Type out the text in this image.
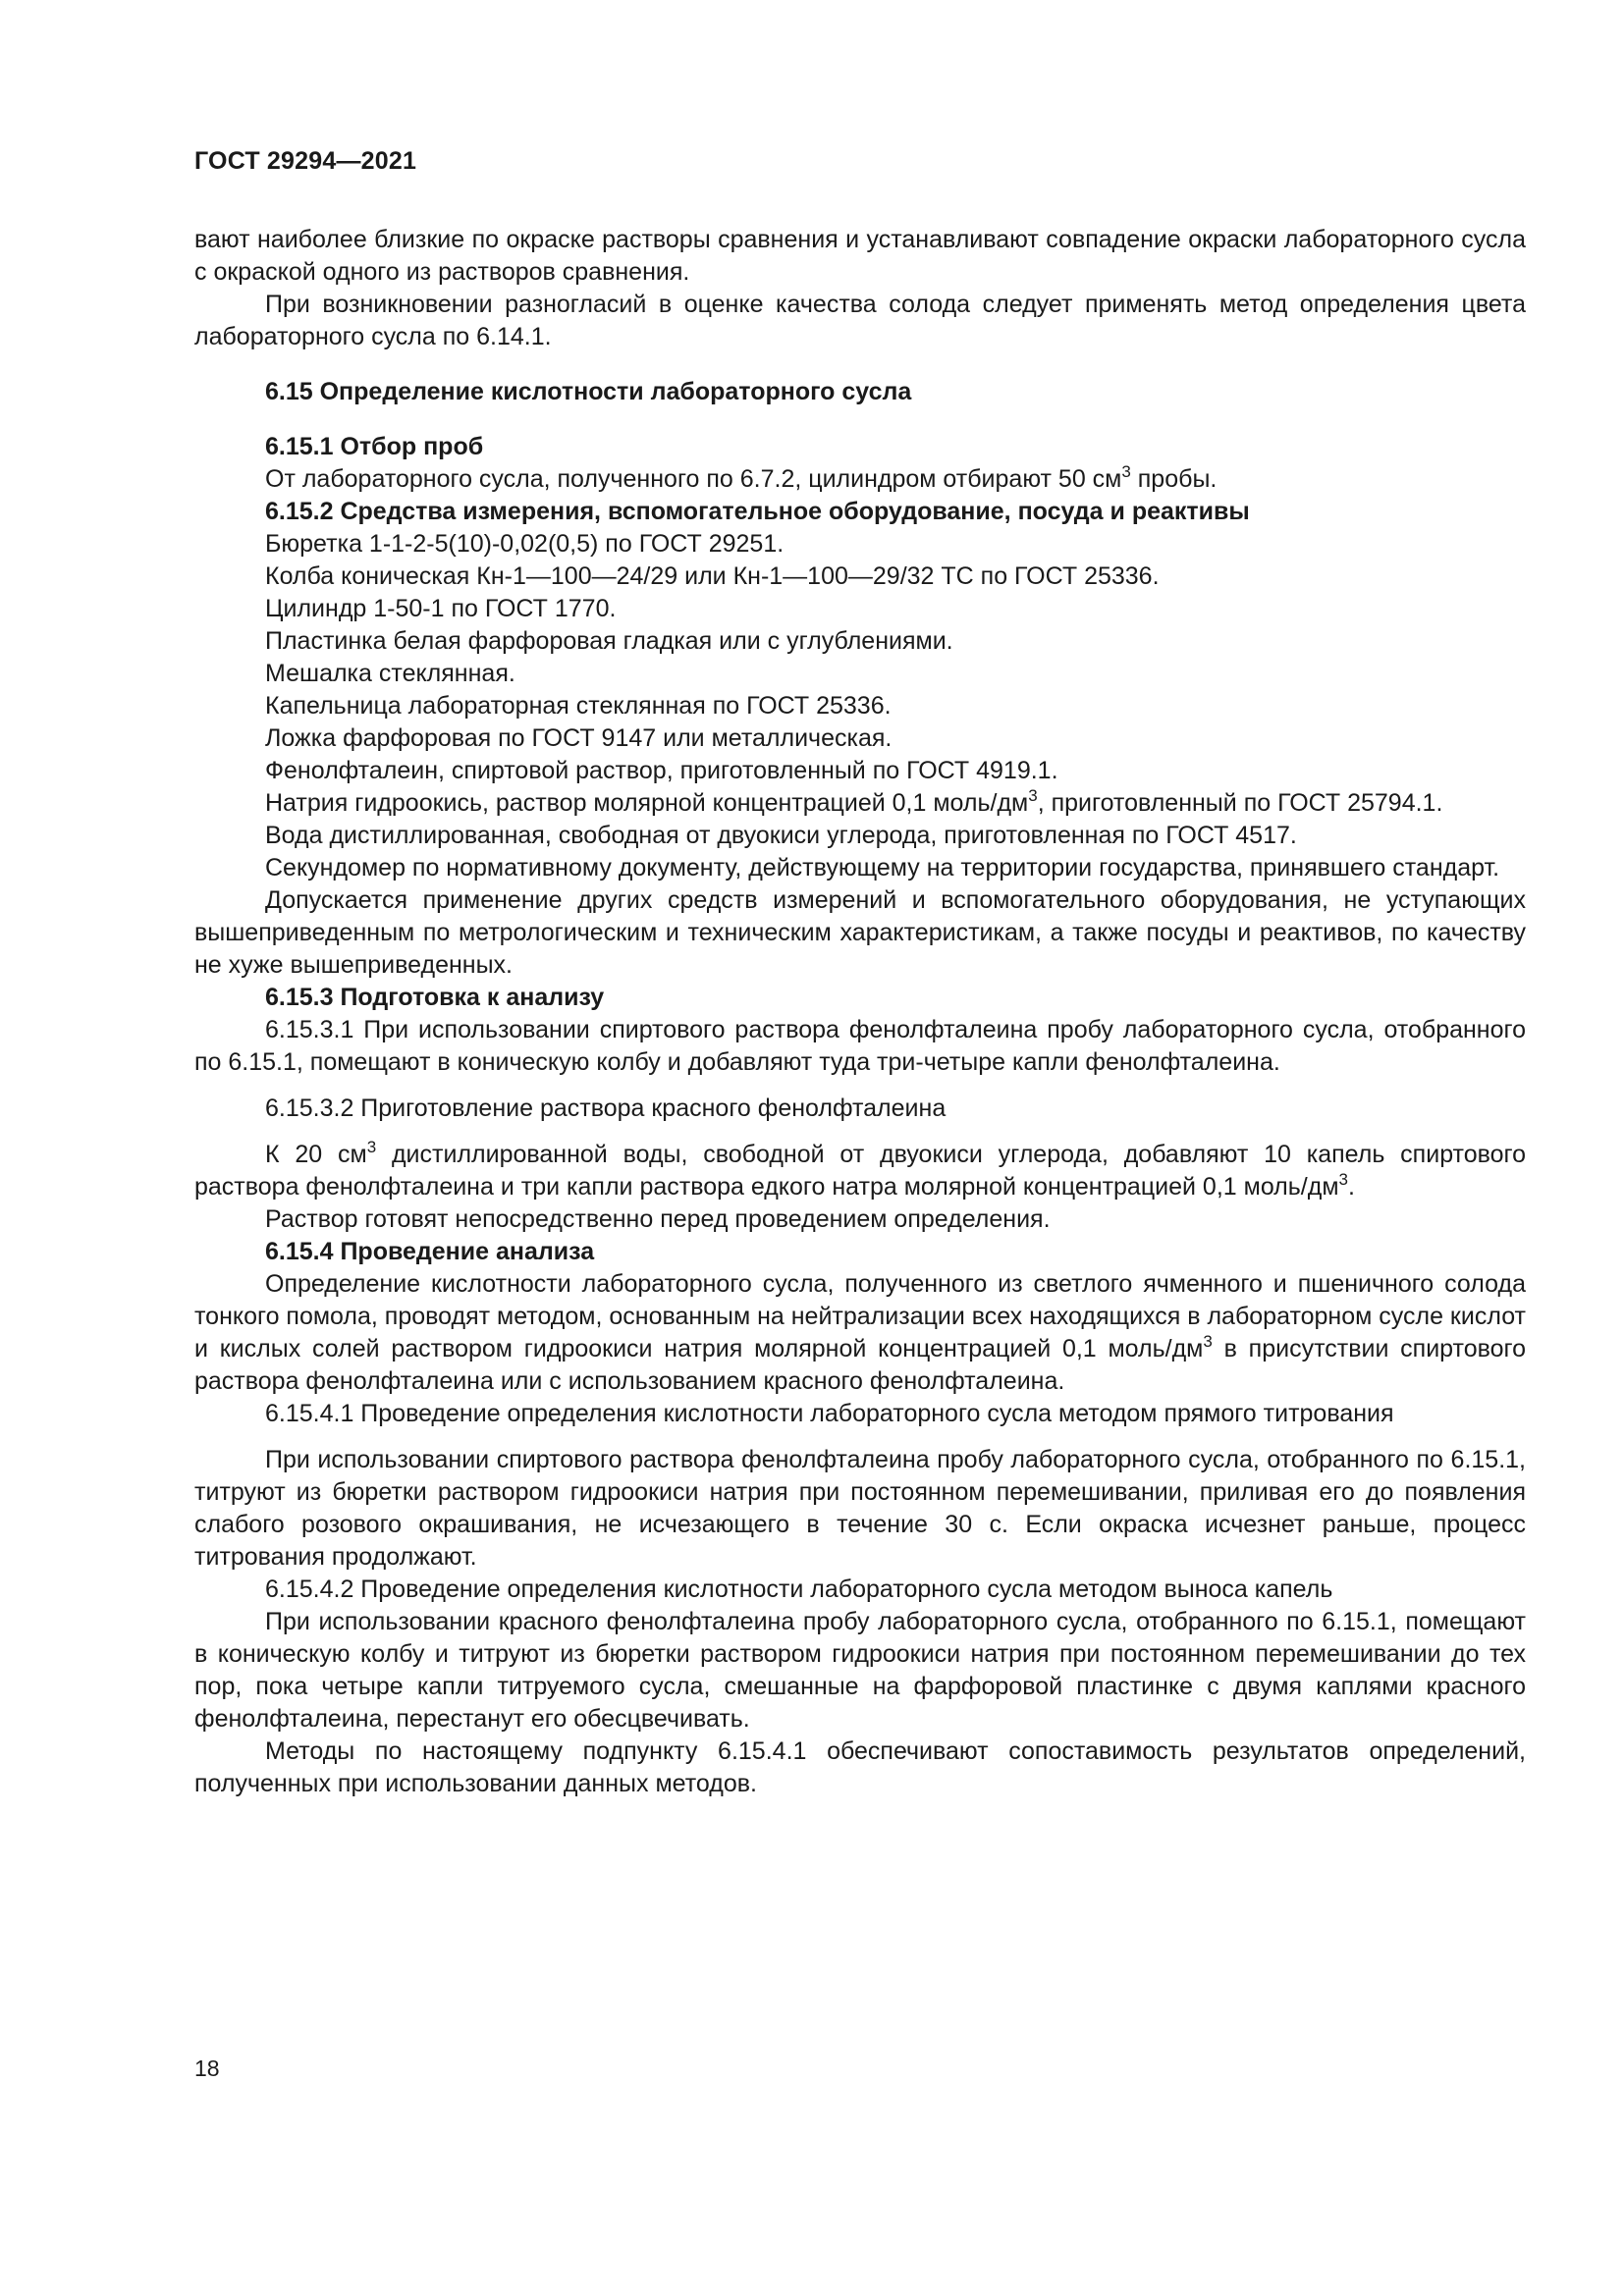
ГОСТ 29294—2021

вают наиболее близкие по окраске растворы сравнения и устанавливают совпадение окраски лабораторного сусла с окраской одного из растворов сравнения.

При возникновении разногласий в оценке качества солода следует применять метод определения цвета лабораторного сусла по 6.14.1.

6.15 Определение кислотности лабораторного сусла

6.15.1 Отбор проб

От лабораторного сусла, полученного по 6.7.2, цилиндром отбирают 50 $см^3$ пробы.

6.15.2 Средства измерения, вспомогательное оборудование, посуда и реактивы

Бюретка 1-1-2-5(10)-0,02(0,5) по ГОСТ 29251.

Колба коническая Кн-1—100—24/29 или Кн-1—100—29/32 ТС по ГОСТ 25336.

Цилиндр 1-50-1 по ГОСТ 1770.

Пластинка белая фарфоровая гладкая или с углублениями.

Мешалка стеклянная.

Капельница лабораторная стеклянная по ГОСТ 25336.

Ложка фарфоровая по ГОСТ 9147 или металлическая.

Фенолфталеин, спиртовой раствор, приготовленный по ГОСТ 4919.1.

Натрия гидроокись, раствор молярной концентрацией 0,1 моль/$дм^3$, приготовленный по ГОСТ 25794.1.

Вода дистиллированная, свободная от двуокиси углерода, приготовленная по ГОСТ 4517.

Секундомер по нормативному документу, действующему на территории государства, принявшего стандарт.

Допускается применение других средств измерений и вспомогательного оборудования, не уступающих вышеприведенным по метрологическим и техническим характеристикам, а также посуды и реактивов, по качеству не хуже вышеприведенных.

6.15.3 Подготовка к анализу

6.15.3.1 При использовании спиртового раствора фенолфталеина пробу лабораторного сусла, отобранного по 6.15.1, помещают в коническую колбу и добавляют туда три-четыре капли фенолфталеина.

6.15.3.2 Приготовление раствора красного фенолфталеина

К 20 $см^3$ дистиллированной воды, свободной от двуокиси углерода, добавляют 10 капель спиртового раствора фенолфталеина и три капли раствора едкого натра молярной концентрацией 0,1 моль/$дм^3$.

Раствор готовят непосредственно перед проведением определения.

6.15.4 Проведение анализа

Определение кислотности лабораторного сусла, полученного из светлого ячменного и пшеничного солода тонкого помола, проводят методом, основанным на нейтрализации всех находящихся в лабораторном сусле кислот и кислых солей раствором гидроокиси натрия молярной концентрацией 0,1 моль/$дм^3$ в присутствии спиртового раствора фенолфталеина или с использованием красного фенолфталеина.

6.15.4.1 Проведение определения кислотности лабораторного сусла методом прямого титрования

При использовании спиртового раствора фенолфталеина пробу лабораторного сусла, отобранного по 6.15.1, титруют из бюретки раствором гидроокиси натрия при постоянном перемешивании, приливая его до появления слабого розового окрашивания, не исчезающего в течение 30 с. Если окраска исчезнет раньше, процесс титрования продолжают.

6.15.4.2 Проведение определения кислотности лабораторного сусла методом выноса капель

При использовании красного фенолфталеина пробу лабораторного сусла, отобранного по 6.15.1, помещают в коническую колбу и титруют из бюретки раствором гидроокиси натрия при постоянном перемешивании до тех пор, пока четыре капли титруемого сусла, смешанные на фарфоровой пластинке с двумя каплями красного фенолфталеина, перестанут его обесцвечивать.

Методы по настоящему подпункту 6.15.4.1 обеспечивают сопоставимость результатов определений, полученных при использовании данных методов.

18
